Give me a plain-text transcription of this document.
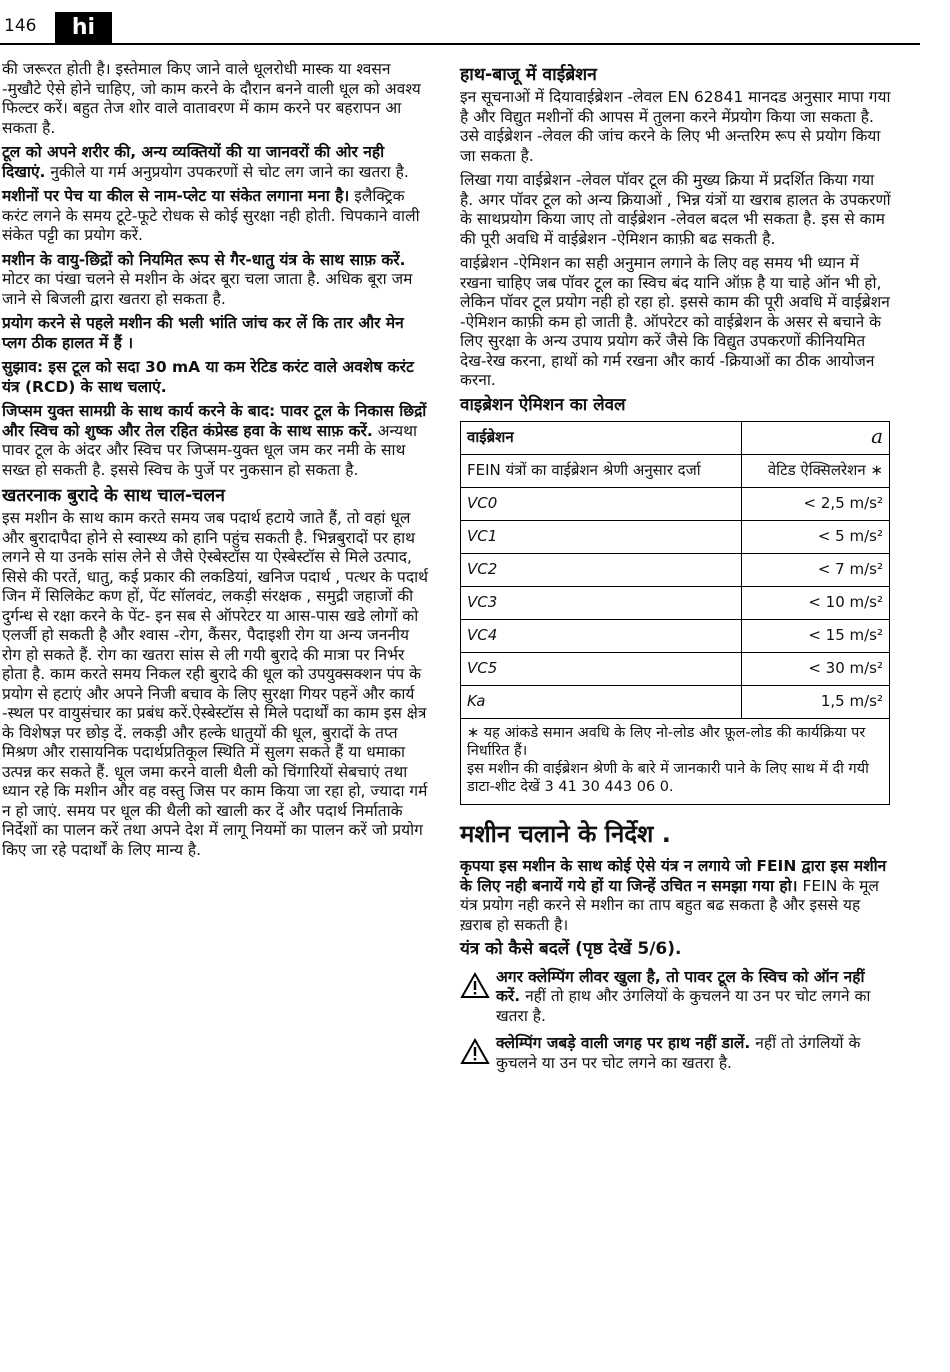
146	hi

की जरूरत होती है। इस्तेमाल किए जाने वाले धूलरोधी मास्क या श्वसन -मुखौटे ऐसे होने चाहिए, जो काम करने के दौरान बनने वाली धूल को अवश्य फिल्टर करें। बहुत तेज शोर वाले वातावरण में काम करने पर बहरापन आ सकता है.

टूल को अपने शरीर की, अन्य व्यक्तियों की या जानवरों की ओर नही दिखाएं. नुकीले या गर्म अनुप्रयोग उपकरणों से चोट लग जाने का खतरा है.

मशीनों पर पेच या कील से नाम-प्लेट या संकेत लगाना मना है। इलैक्ट्रिक करंट लगने के समय टूटे-फूटे रोधक से कोई सुरक्षा नही होती. चिपकाने वाली संकेत पट्टी का प्रयोग करें.

मशीन के वायु-छिद्रों को नियमित रूप से गैर-धातु यंत्र के साथ साफ़ करें. मोटर का पंखा चलने से मशीन के अंदर बूरा चला जाता है. अधिक बूरा जम जाने से बिजली द्वारा खतरा हो सकता है.

प्रयोग करने से पहले मशीन की भली भांति जांच कर लें कि तार और मेन प्लग ठीक हालत में हैं ।

सुझाव: इस टूल को सदा 30 mA या कम रेटिड करंट वाले अवशेष करंट यंत्र (RCD) के साथ चलाएं.

जिप्सम युक्त सामग्री के साथ कार्य करने के बाद: पावर टूल के निकास छिद्रों और स्विच को शुष्क और तेल रहित कंप्रेस्ड हवा के साथ साफ़ करें. अन्यथा पावर टूल के अंदर और स्विच पर जिप्सम-युक्त धूल जम कर नमी के साथ सख्त हो सकती है. इससे स्विच के पुर्जे पर नुकसान हो सकता है.

खतरनाक बुरादे के साथ चाल-चलन

इस मशीन के साथ काम करते समय जब पदार्थ हटाये जाते हैं, तो वहां धूल और बुरादापैदा होने से स्वास्थ्य को हानि पहुंच सकती है. भिन्नबुरादों पर हाथ लगने से या उनके सांस लेने से जैसे ऐस्बेस्टॉस या ऐस्बेस्टॉस से मिले उत्पाद, सिसे की परतें, धातु, कई प्रकार की लकडियां, खनिज पदार्थ , पत्थर के पदार्थ जिन में सिलिकेट कण हों, पेंट सॉलवंट, लकड़ी संरक्षक , समुद्री जहाजों की दुर्गन्ध से रक्षा करने के पेंट- इन सब से ऑपरेटर या आस-पास खडे लोगों को एलर्जी हो सकती है और श्वास -रोग, कैंसर, पैदाइशी रोग या अन्य जननीय रोग हो सकते हैं. रोग का खतरा सांस से ली गयी बुरादे की मात्रा पर निर्भर होता है. काम करते समय निकल रही बुरादे की धूल को उपयुक्सक्शन पंप के प्रयोग से हटाएं और अपने निजी बचाव के लिए सुरक्षा गियर पहनें और कार्य -स्थल पर वायुसंचार का प्रबंध करें.ऐस्बेस्टॉस से मिले पदार्थों का काम इस क्षेत्र के विशेषज्ञ पर छोड़ दें. लकड़ी और हल्के धातुयों की धूल, बुरादों के तप्त मिश्रण और रासायनिक पदार्थप्रतिकूल स्थिति में सुलग सकते हैं या धमाका उत्पन्न कर सकते हैं. धूल जमा करने वाली थैली को चिंगारियों सेबचाएं तथा ध्यान रहे कि मशीन और वह वस्तु जिस पर काम किया जा रहा हो, ज्यादा गर्म न हो जाएं. समय पर धूल की थैली को खाली कर दें और पदार्थ निर्माताके निर्देशों का पालन करें तथा अपने देश में लागू नियमों का पालन करें जो प्रयोग किए जा रहे पदार्थों के लिए मान्य है.

हाथ-बाजू में वाईब्रेशन

इन सूचनाओं में दियावाईब्रेशन -लेवल EN 62841 मानदड अनुसार मापा गया है और विद्युत मशीनों की आपस में तुलना करने मेंप्रयोग किया जा सकता है. उसे वाईब्रेशन -लेवल की जांच करने के लिए भी अन्तरिम रूप से प्रयोग किया जा सकता है.

लिखा गया वाईब्रेशन -लेवल पॉवर टूल की मुख्य क्रिया में प्रदर्शित किया गया है. अगर पॉवर टूल को अन्य क्रियाओं , भिन्न यंत्रों या खराब हालत के उपकरणों के साथप्रयोग किया जाए तो वाईब्रेशन -लेवल बदल भी सकता है. इस से काम की पूरी अवधि में वाईब्रेशन -ऐमिशन काफ़ी बढ सकती है.

वाईब्रेशन -ऐमिशन का सही अनुमान लगाने के लिए वह समय भी ध्यान में रखना चाहिए जब पॉवर टूल का स्विच बंद यानि ऑफ़ है या चाहे ऑन भी हो, लेकिन पॉवर टूल प्रयोग नही हो रहा हो. इससे काम की पूरी अवधि में वाईब्रेशन -ऐमिशन काफ़ी कम हो जाती है. ऑपरेटर को वाईब्रेशन के असर से बचाने के लिए सुरक्षा के अन्य उपाय प्रयोग करें जैसे कि विद्युत उपकरणों कीनियमित देख-रेख करना, हाथों को गर्म रखना और कार्य -क्रियाओं का ठीक आयोजन करना.

वाइब्रेशन ऐमिशन का लेवल
वाईब्रेशन	a
FEIN यंत्रों का वाईब्रेशन श्रेणी अनुसार दर्जा	वेटिड ऐक्सिलरेशन ∗
VC0	< 2,5 m/s²
VC1	< 5 m/s²
VC2	< 7 m/s²
VC3	< 10 m/s²
VC4	< 15 m/s²
VC5	< 30 m/s²
Ka	1,5 m/s²
∗ यह आंकडे समान अवधि के लिए नो-लोड और फ़ूल-लोड की कार्यक्रिया पर निर्धारित हैं।
इस मशीन की वाईब्रेशन श्रेणी के बारे में जानकारी पाने के लिए साथ में दी गयी डाटा-शीट देखें 3 41 30 443 06 0.
मशीन चलाने के निर्देश .

कृपया इस मशीन के साथ कोई ऐसे यंत्र न लगाये जो FEIN द्वारा इस मशीन के लिए नही बनायें गये हों या जिन्हें उचित न समझा गया हो। FEIN के मूल यंत्र प्रयोग नही करने से मशीन का ताप बहुत बढ सकता है और इससे यह ख़राब हो सकती है।

यंत्र को कैसे बदलें (पृष्ठ देखें 5/6).
अगर क्लेम्पिंग लीवर खुला है, तो पावर टूल के स्विच को ऑन नहीं करें. नहीं तो हाथ और उंगलियों के कुचलने या उन पर चोट लगने का खतरा है.
क्लेम्पिंग जबड़े वाली जगह पर हाथ नहीं डालें. नहीं तो उंगलियों के कुचलने या उन पर चोट लगने का खतरा है.
